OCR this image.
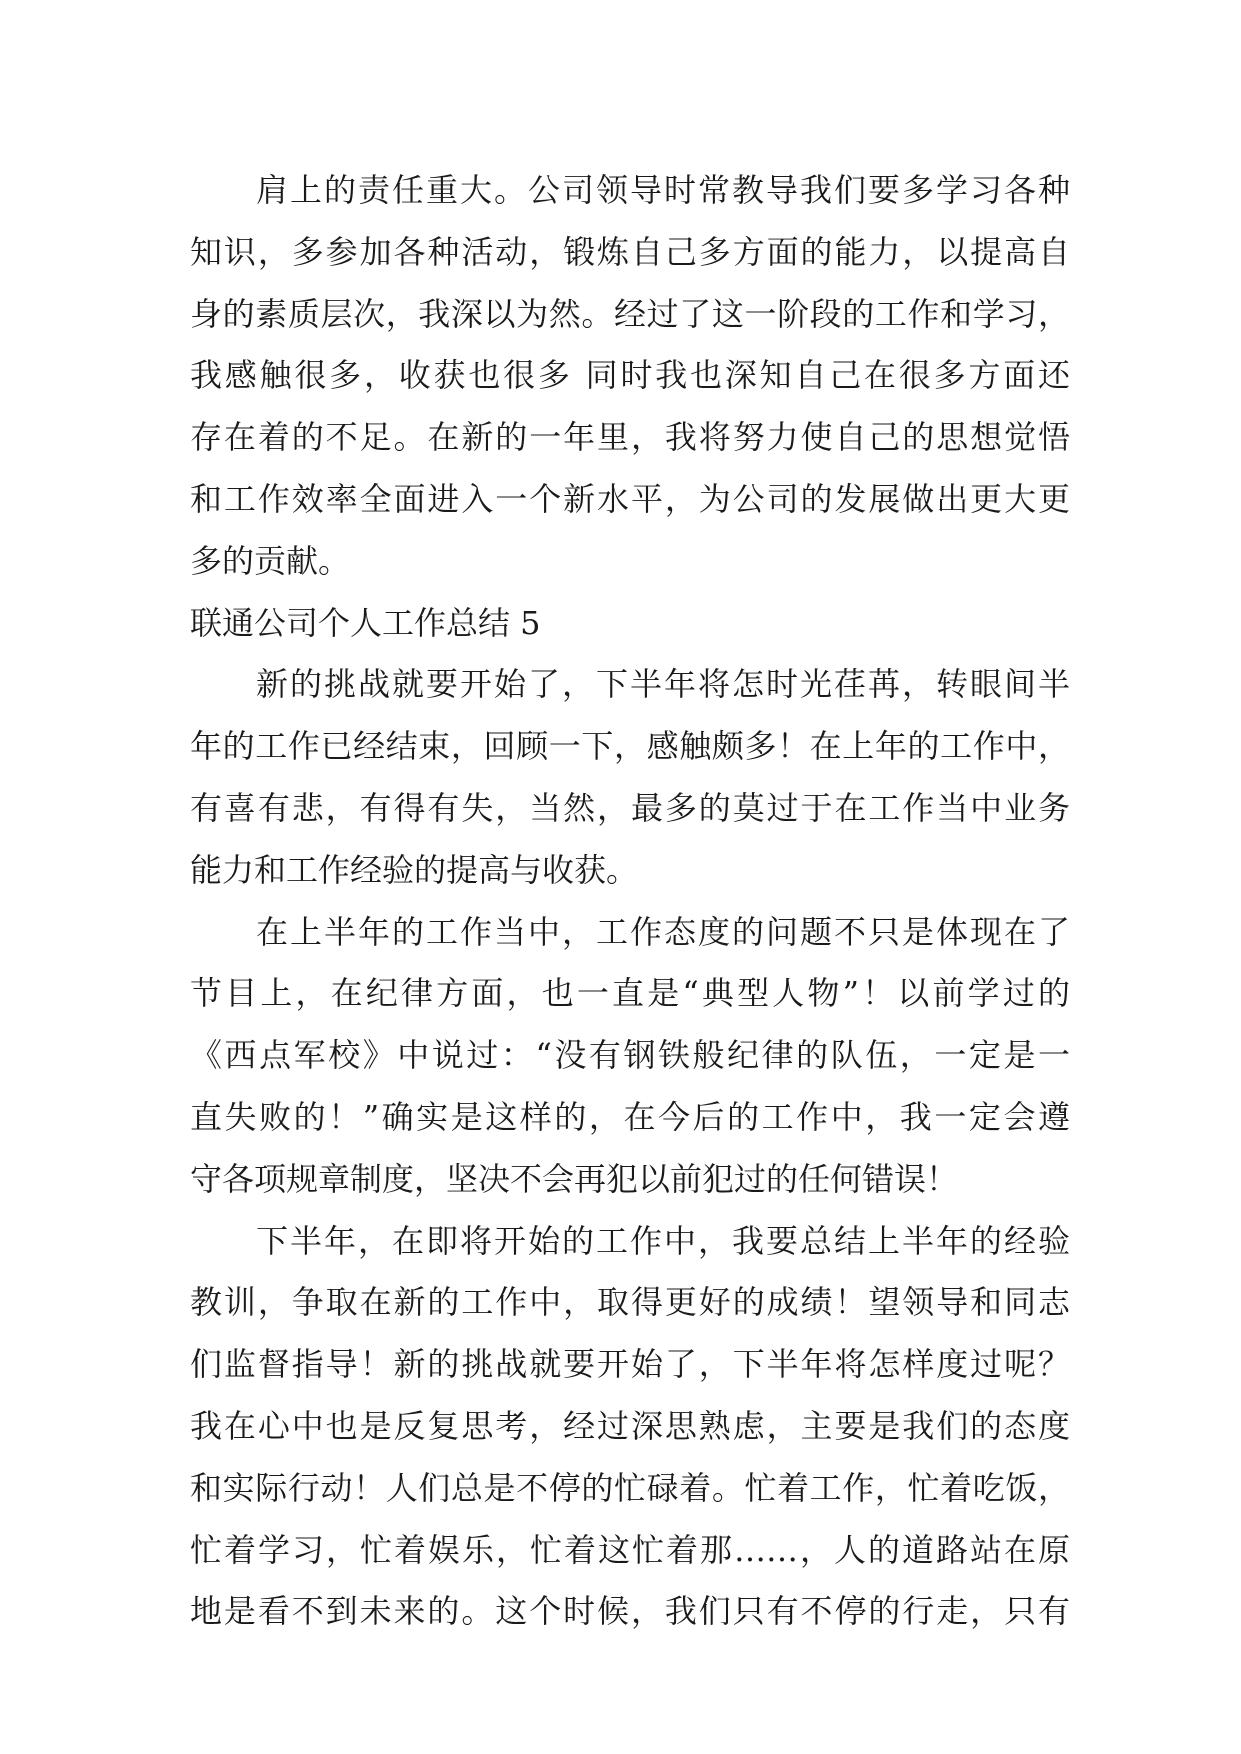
肩上的责任重大。公司领导时常教导我们要多学习各种
知识，多参加各种活动，锻炼自己多方面的能力，以提高自
身的素质层次，我深以为然。经过了这一阶段的工作和学习，
我感触很多，收获也很多 同时我也深知自己在很多方面还
存在着的不足。在新的一年里，我将努力使自己的思想觉悟
和工作效率全面进入一个新水平，为公司的发展做出更大更
多的贡献。
联通公司个人工作总结 5
新的挑战就要开始了，下半年将怎时光荏苒，转眼间半
年的工作已经结束，回顾一下，感触颇多！在上年的工作中，
有喜有悲，有得有失，当然，最多的莫过于在工作当中业务
能力和工作经验的提高与收获。
在上半年的工作当中，工作态度的问题不只是体现在了
节目上，在纪律方面，也一直是“典型人物”！以前学过的
《西点军校》中说过：“没有钢铁般纪律的队伍，一定是一
直失败的！”确实是这样的，在今后的工作中，我一定会遵
守各项规章制度，坚决不会再犯以前犯过的任何错误！
下半年，在即将开始的工作中，我要总结上半年的经验
教训，争取在新的工作中，取得更好的成绩！望领导和同志
们监督指导！新的挑战就要开始了，下半年将怎样度过呢？
我在心中也是反复思考，经过深思熟虑，主要是我们的态度
和实际行动！人们总是不停的忙碌着。忙着工作，忙着吃饭，
忙着学习，忙着娱乐，忙着这忙着那……，人的道路站在原
地是看不到未来的。这个时候，我们只有不停的行走，只有
